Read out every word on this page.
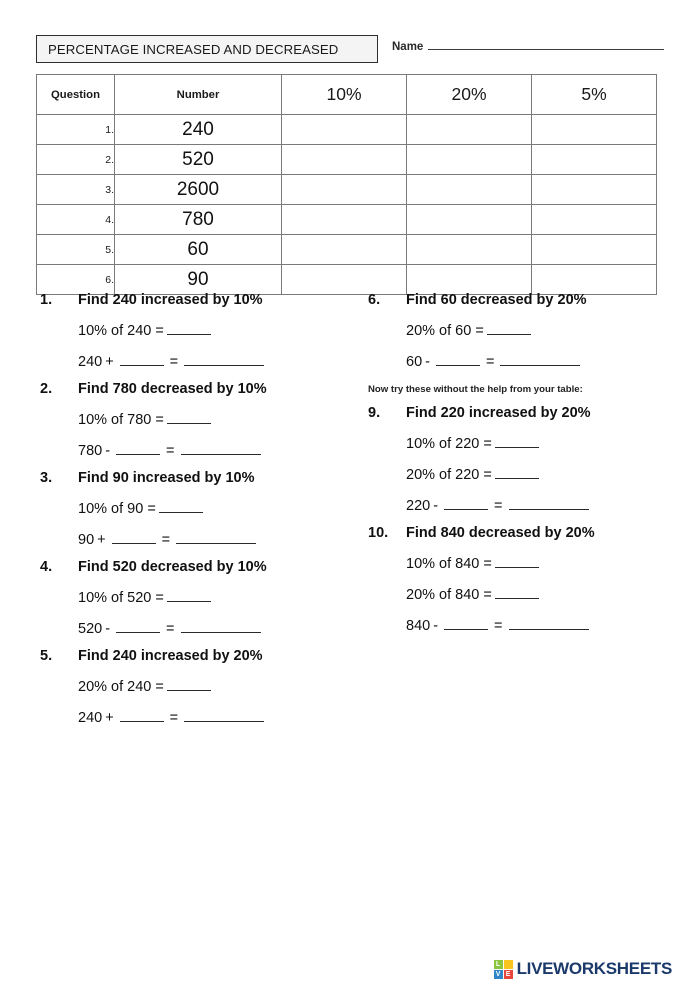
PERCENTAGE INCREASED AND DECREASED	Name
Question	Number	10%	20%	5%

1.	240			
2.	520			
3.	2600			
4.	780			
5.	60			
6.	90			
1.	Find 240 increased by 10%
10% of 240 =
240 +	=
2.	Find 780 decreased by 10%
10% of 780 =
780 -	=
3.	Find 90 increased by 10%
10% of 90 =
90 +	=
4.	Find 520 decreased by 10%
10% of 520 =
520 -	=
5.	Find 240 increased by 20%
20% of 240 =
240 +	=
6.	Find 60 decreased by 20%
20% of 60 =
60 -	=
Now try these without the help from your table:
9.	Find 220 increased by 20%
10% of 220 =
20% of 220 =
220 -	=
10.	Find 840 decreased by 20%
10% of 840 =
20% of 840 =
840 -	=
L
V E LIVEWORKSHEETS
